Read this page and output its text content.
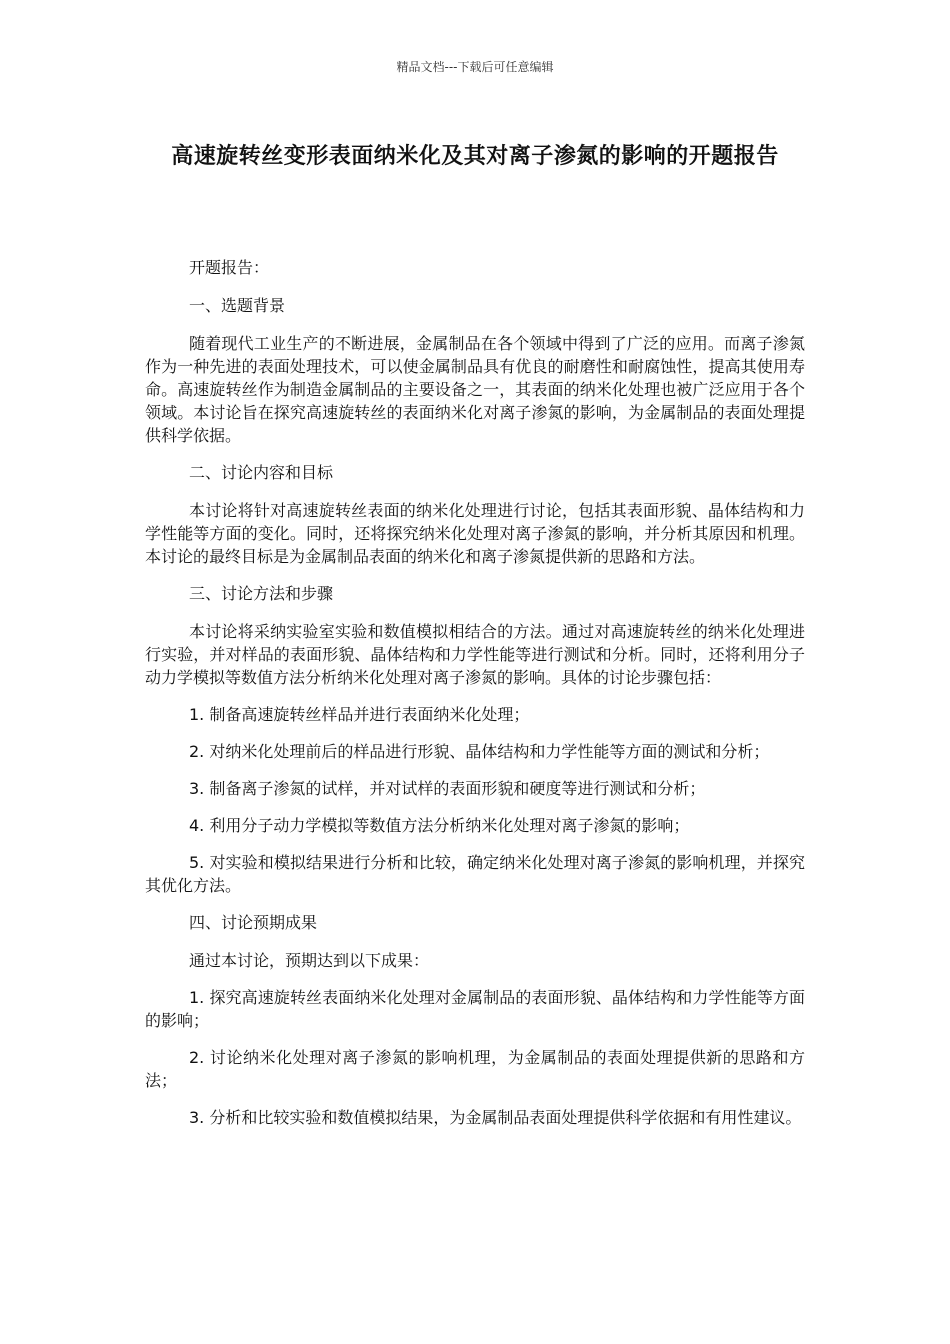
精品文档---下载后可任意编辑
高速旋转丝变形表面纳米化及其对离子渗氮的影响的开题报告

开题报告：

一、选题背景

随着现代工业生产的不断进展，金属制品在各个领域中得到了广泛的应用。而离子渗氮作为一种先进的表面处理技术，可以使金属制品具有优良的耐磨性和耐腐蚀性，提高其使用寿命。高速旋转丝作为制造金属制品的主要设备之一，其表面的纳米化处理也被广泛应用于各个领域。本讨论旨在探究高速旋转丝的表面纳米化对离子渗氮的影响，为金属制品的表面处理提供科学依据。

二、讨论内容和目标

本讨论将针对高速旋转丝表面的纳米化处理进行讨论，包括其表面形貌、晶体结构和力学性能等方面的变化。同时，还将探究纳米化处理对离子渗氮的影响，并分析其原因和机理。本讨论的最终目标是为金属制品表面的纳米化和离子渗氮提供新的思路和方法。

三、讨论方法和步骤

本讨论将采纳实验室实验和数值模拟相结合的方法。通过对高速旋转丝的纳米化处理进行实验，并对样品的表面形貌、晶体结构和力学性能等进行测试和分析。同时，还将利用分子动力学模拟等数值方法分析纳米化处理对离子渗氮的影响。具体的讨论步骤包括：

1. 制备高速旋转丝样品并进行表面纳米化处理；

2. 对纳米化处理前后的样品进行形貌、晶体结构和力学性能等方面的测试和分析；

3. 制备离子渗氮的试样，并对试样的表面形貌和硬度等进行测试和分析；

4. 利用分子动力学模拟等数值方法分析纳米化处理对离子渗氮的影响；

5. 对实验和模拟结果进行分析和比较，确定纳米化处理对离子渗氮的影响机理，并探究其优化方法。

四、讨论预期成果

通过本讨论，预期达到以下成果：

1. 探究高速旋转丝表面纳米化处理对金属制品的表面形貌、晶体结构和力学性能等方面的影响；

2. 讨论纳米化处理对离子渗氮的影响机理，为金属制品的表面处理提供新的思路和方法；

3. 分析和比较实验和数值模拟结果，为金属制品表面处理提供科学依据和有用性建议。
